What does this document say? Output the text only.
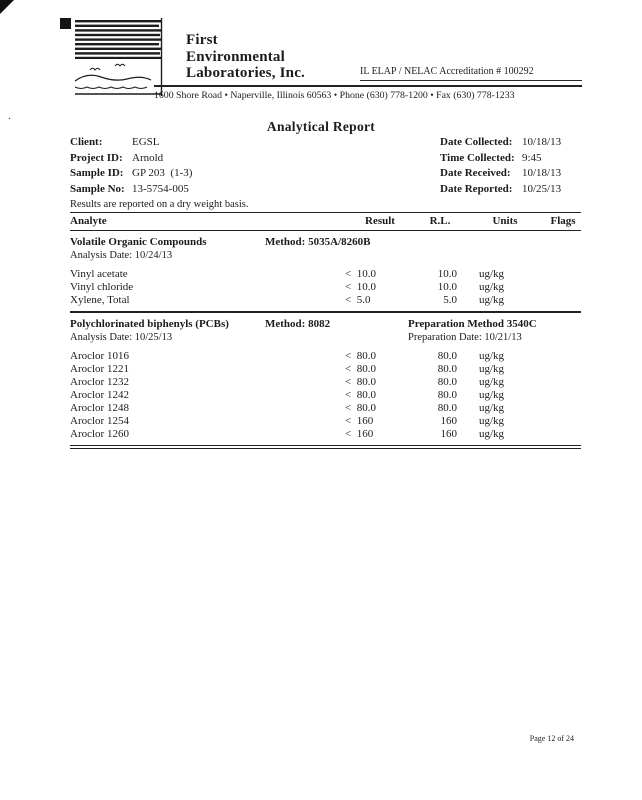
.
First
Environmental
Laboratories, Inc.	IL ELAP / NELAC Accreditation # 100292
1600 Shore Road • Naperville, Illinois 60563 • Phone (630) 778-1200 • Fax (630) 778-1233
Analytical Report
Client:	EGSL	Date Collected: 10/18/13
Project ID: Arnold	Time Collected: 9:45
Sample ID: GP 203  (1-3)	Date Received: 10/18/13
Sample No: 13-5754-005	Date Reported: 10/25/13
Results are reported on a dry weight basis.
Analyte	Result	R.L.	Units	Flags
Volatile Organic Compounds	Method: 5035A/8260B
Analysis Date: 10/24/13
Vinyl acetate	<  10.0	10.0	ug/kg
Vinyl chloride	<  10.0	10.0	ug/kg
Xylene, Total	<  5.0	5.0	ug/kg
Polychlorinated biphenyls (PCBs)	Method: 8082	Preparation Method 3540C
Analysis Date: 10/25/13	Preparation Date: 10/21/13
Aroclor 1016	<  80.0	80.0	ug/kg
Aroclor 1221	<  80.0	80.0	ug/kg
Aroclor 1232	<  80.0	80.0	ug/kg
Aroclor 1242	<  80.0	80.0	ug/kg
Aroclor 1248	<  80.0	80.0	ug/kg
Aroclor 1254	<  160	160	ug/kg
Aroclor 1260	<  160	160	ug/kg
Page 12 of 24
